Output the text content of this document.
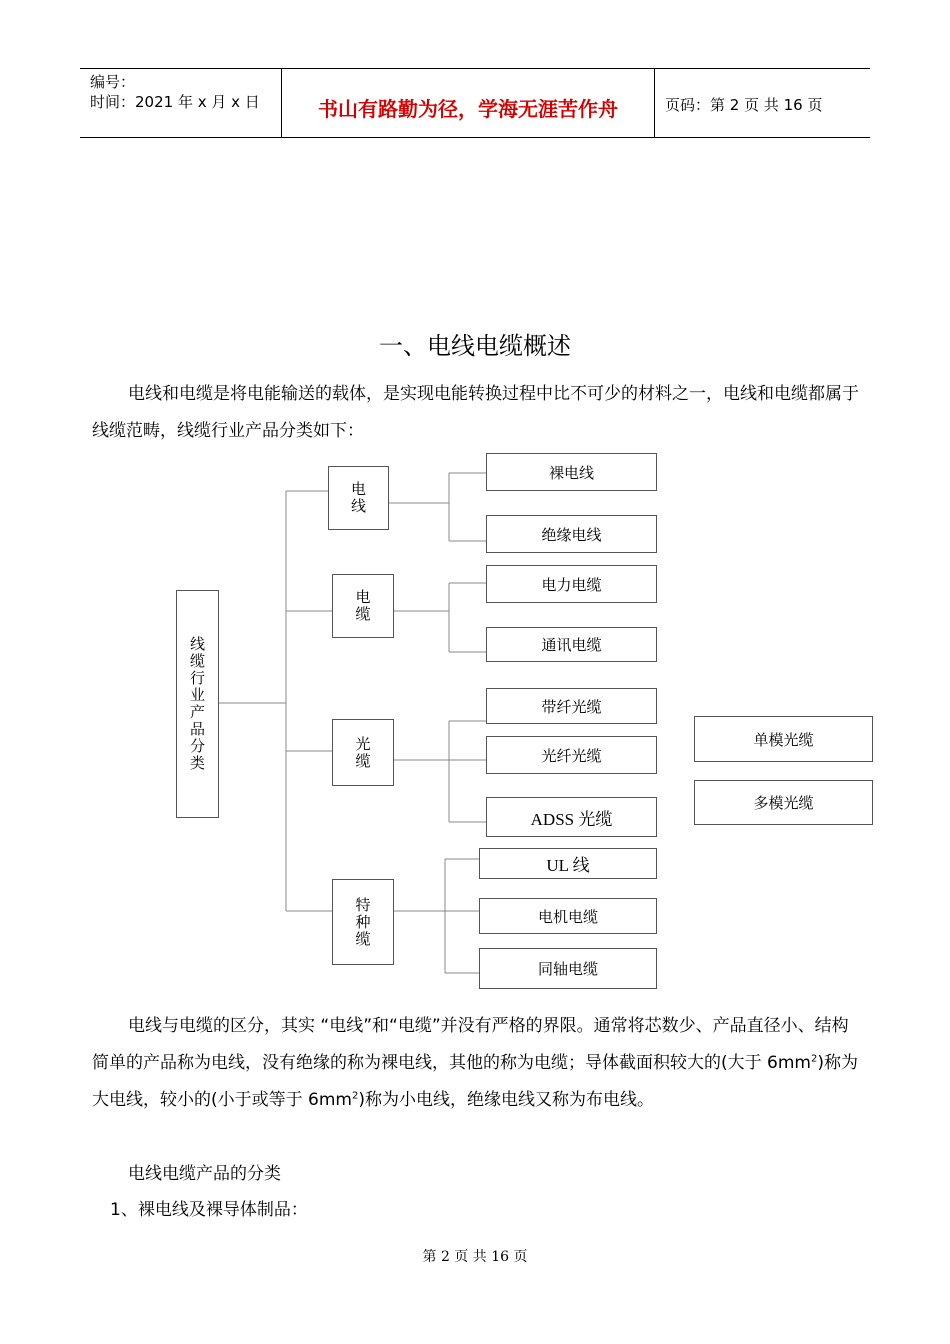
编号：
时间：2021 年 x 月 x 日	书山有路勤为径，学海无涯苦作舟	页码：第 2 页 共 16 页
一、电线电缆概述
电线和电缆是将电能输送的载体，是实现电能转换过程中比不可少的材料之一，电线和电缆都属于线缆范畴，线缆行业产品分类如下：
线缆行业产品分类
电线
电缆
光缆
特种缆
裸电线
绝缘电线
电力电缆
通讯电缆
带纤光缆
光纤光缆
ADSS 光缆
UL 线
电机电缆
同轴电缆
单模光缆
多模光缆
电线与电缆的区分，其实 “电线”和“电缆”并没有严格的界限。通常将芯数少、产品直径小、结构简单的产品称为电线，没有绝缘的称为裸电线，其他的称为电缆；导体截面积较大的(大于 $6mm^2$)称为大电线，较小的(小于或等于 $6mm^2$)称为小电线，绝缘电线又称为布电线。
电线电缆产品的分类
1、裸电线及裸导体制品：
第 2 页 共 16 页
